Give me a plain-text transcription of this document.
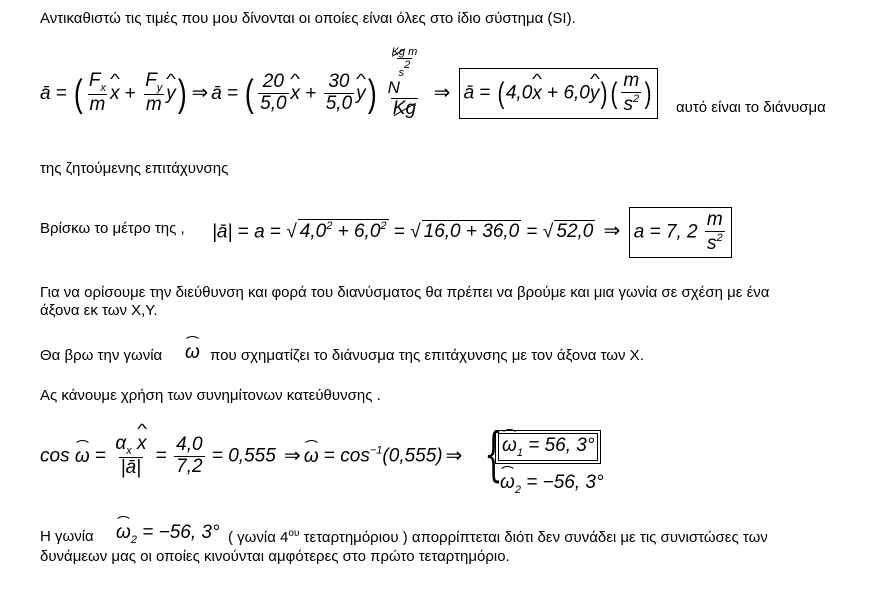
Αντικαθιστώ τις τιμές που μου δίνονται οι οποίες είναι όλες στο ίδιο σύστημα (SI).
ā = ( $\frac{F_x}{m}$ ^ $x + \frac{F_y}{m}$ ^ y) ⇒ ā = ( $\frac{20}{5,0}$ ^ $x + \frac{30}{5,0}$ ^ y)
$\frac{\text{Kg m}}{s2}$

N
Kg
⇒ ā = (4,0^ x + 6,0^ y) ( $\frac{m}{s^2}$ )	αυτό είναι το διάνυσμα
της ζητούμενης επιτάχυνσης
Βρίσκω το μέτρο της , |ā| = a = √ $4,0^2 + 6,0^2$ = √ 16,0 + 36,0 = √ 52,0 ⇒ a = 7, $2 \frac{m}{s^2}$
Για να ορίσουμε την διεύθυνση και φορά του διανύσματος θα πρέπει να βρούμε και μια γωνία σε σχέση με ένα
άξονα εκ των Χ,Υ.
Θα βρω την γωνία ω που σχηματίζει το διάνυσμα της επιτάχυνσης με τον άξονα των Χ.
Ας κάνουμε χρήση των συνημίτονων κατεύθυνσης .
$\cos \omega = \frac{\alpha_x \^{} x}{|ā|} = \frac{4,0}{7,2} = 0,555$ ⇒ $\omega = \cos^{-1}(0,555)$ ⇒ { $\omega_1 = 56$, 3°
$\omega_2 = -56$, 3°
Η γωνία $\omega_2 = -56$, 3° ( γωνία $4^{o\upsilon}$ τεταρτημόριου ) απορρίπτεται διότι δεν συνάδει με τις συνιστώσες των
δυνάμεων μας οι οποίες κινούνται αμφότερες στο πρώτο τεταρτημόριο.
